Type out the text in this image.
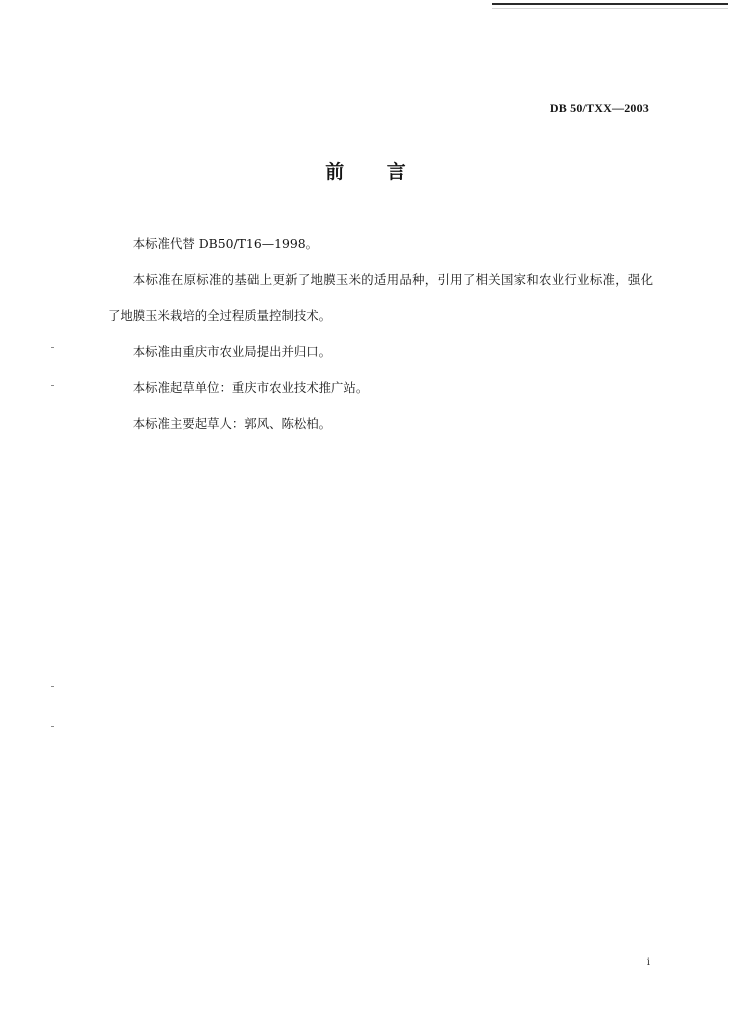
DB 50/TXX—2003
前 言

本标准代替 DB50/T16—1998。

本标准在原标准的基础上更新了地膜玉米的适用品种，引用了相关国家和农业行业标准，强化了地膜玉米栽培的全过程质量控制技术。

本标准由重庆市农业局提出并归口。

本标准起草单位：重庆市农业技术推广站。

本标准主要起草人：郭风、陈松柏。

i
